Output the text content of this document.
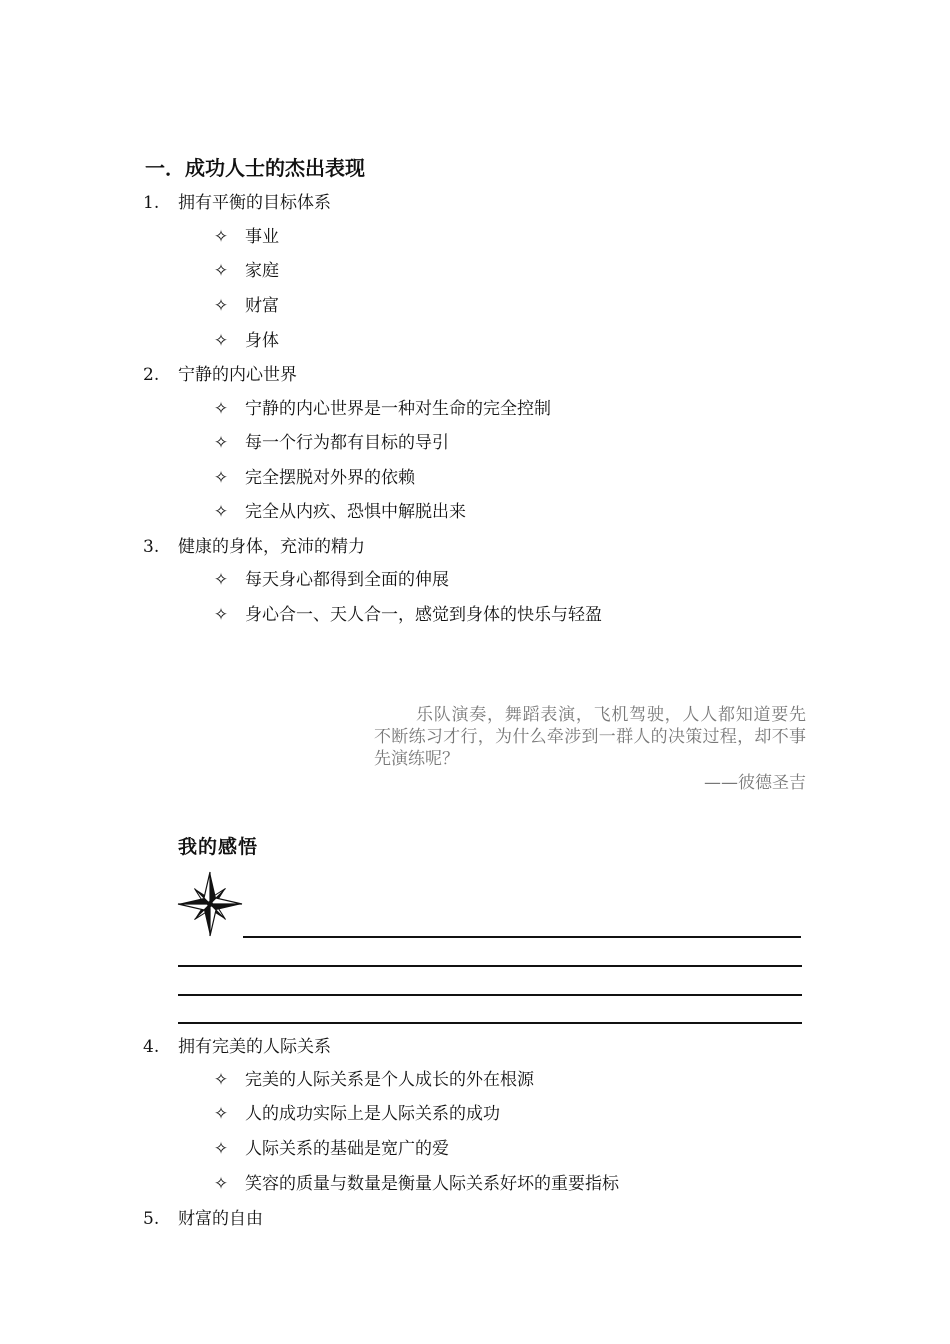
一．成功人士的杰出表现
1.	拥有平衡的目标体系
✧ 事业
✧ 家庭
✧ 财富
✧ 身体
2.	宁静的内心世界
✧ 宁静的内心世界是一种对生命的完全控制
✧ 每一个行为都有目标的导引
✧ 完全摆脱对外界的依赖
✧ 完全从内疚、恐惧中解脱出来
3.	健康的身体，充沛的精力
✧ 每天身心都得到全面的伸展
✧ 身心合一、天人合一，感觉到身体的快乐与轻盈
乐队演奏，舞蹈表演，飞机驾驶，人人都知道要先不断练习才行，为什么牵涉到一群人的决策过程，却不事先演练呢？
——彼德圣吉
我的感悟
4.	拥有完美的人际关系
✧ 完美的人际关系是个人成长的外在根源
✧ 人的成功实际上是人际关系的成功
✧ 人际关系的基础是宽广的爱
✧ 笑容的质量与数量是衡量人际关系好坏的重要指标
5.	财富的自由
